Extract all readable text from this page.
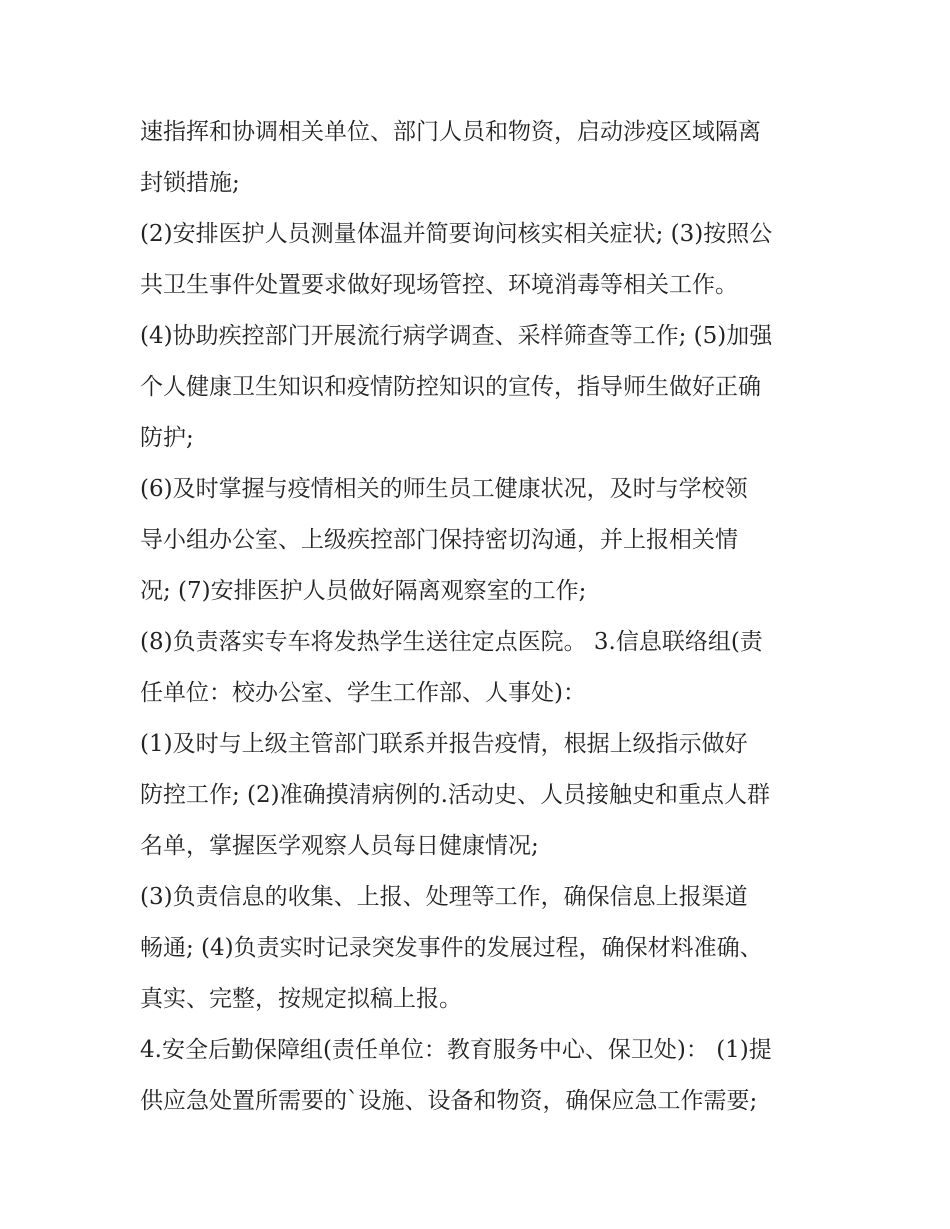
速指挥和协调相关单位、部门人员和物资，启动涉疫区域隔离
封锁措施;
(2)安排医护人员测量体温并简要询问核实相关症状; (3)按照公
共卫生事件处置要求做好现场管控、环境消毒等相关工作。
(4)协助疾控部门开展流行病学调查、采样筛查等工作; (5)加强
个人健康卫生知识和疫情防控知识的宣传，指导师生做好正确
防护;
(6)及时掌握与疫情相关的师生员工健康状况，及时与学校领
导小组办公室、上级疾控部门保持密切沟通，并上报相关情
况; (7)安排医护人员做好隔离观察室的工作;
(8)负责落实专车将发热学生送往定点医院。 3.信息联络组(责
任单位：校办公室、学生工作部、人事处)：
(1)及时与上级主管部门联系并报告疫情，根据上级指示做好
防控工作; (2)准确摸清病例的.活动史、人员接触史和重点人群
名单，掌握医学观察人员每日健康情况;
(3)负责信息的收集、上报、处理等工作，确保信息上报渠道
畅通; (4)负责实时记录突发事件的发展过程，确保材料准确、
真实、完整，按规定拟稿上报。
4.安全后勤保障组(责任单位：教育服务中心、保卫处)： (1)提
供应急处置所需要的`设施、设备和物资，确保应急工作需要;
